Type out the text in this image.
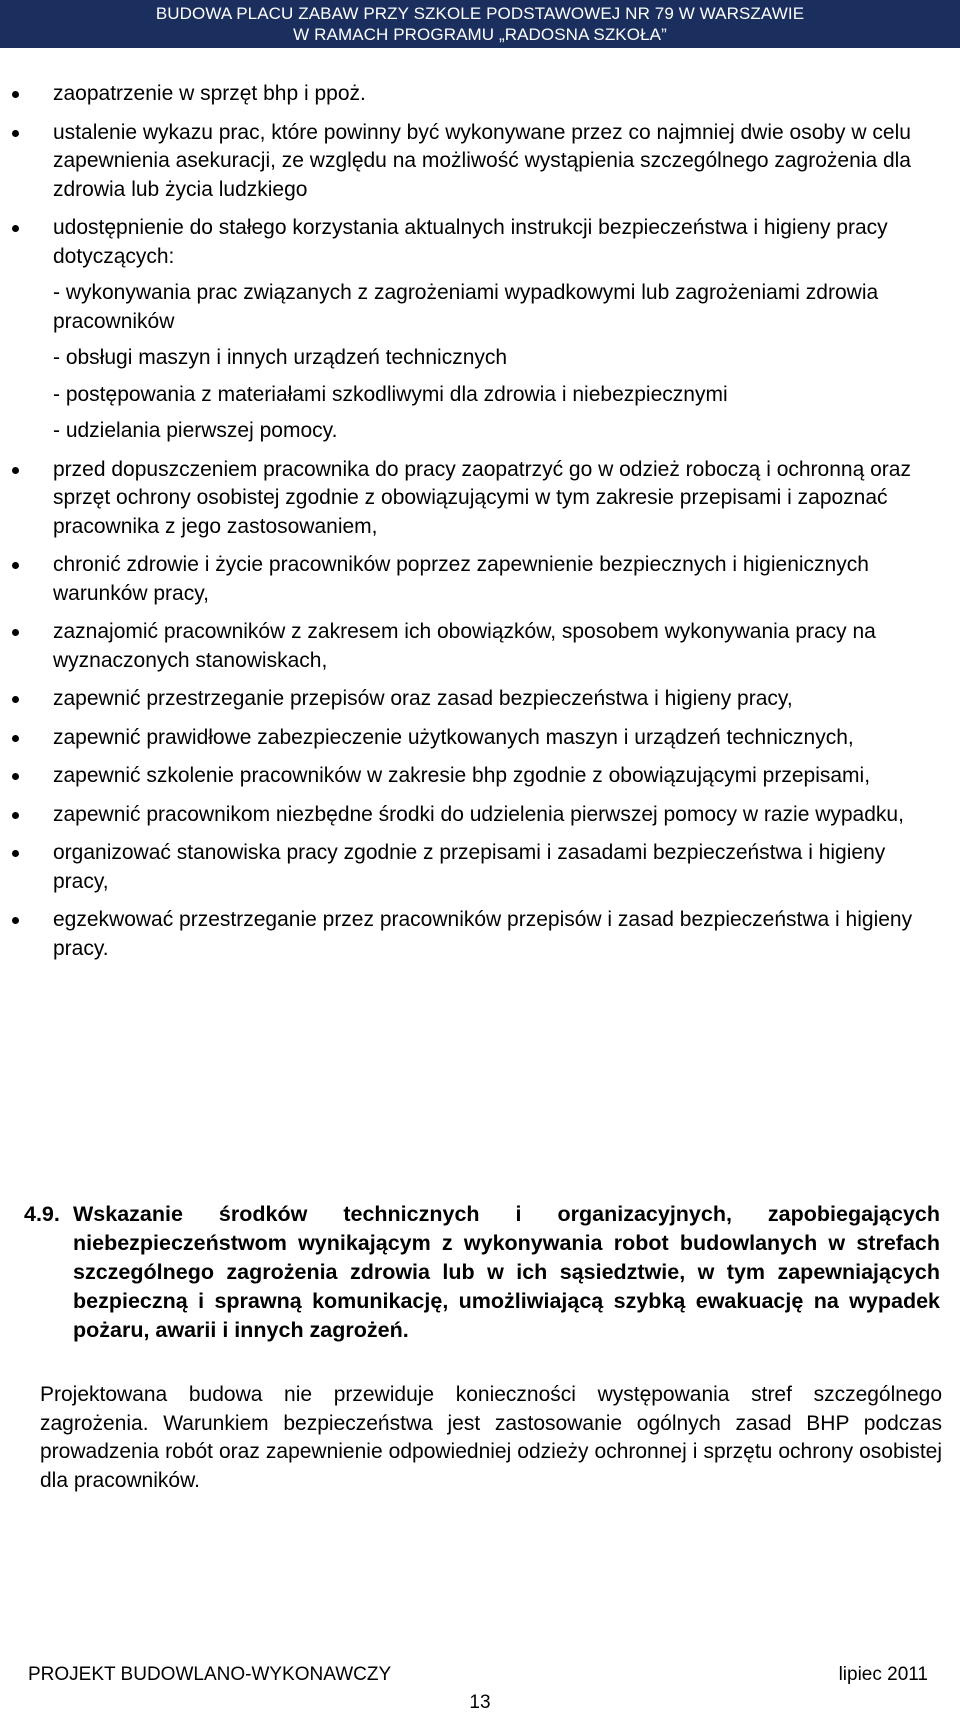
BUDOWA PLACU ZABAW PRZY SZKOLE PODSTAWOWEJ NR 79 W WARSZAWIE
W RAMACH PROGRAMU „RADOSNA SZKOŁA”
zaopatrzenie w sprzęt bhp i ppoż.
ustalenie wykazu prac, które powinny być wykonywane przez co najmniej dwie osoby w celu zapewnienia asekuracji, ze względu na możliwość wystąpienia szczególnego zagrożenia dla zdrowia lub życia ludzkiego
udostępnienie do stałego korzystania aktualnych instrukcji bezpieczeństwa i higieny pracy dotyczących:
- wykonywania prac związanych z zagrożeniami wypadkowymi lub zagrożeniami zdrowia pracowników
- obsługi maszyn i innych urządzeń technicznych
- postępowania z materiałami szkodliwymi dla zdrowia i niebezpiecznymi
- udzielania pierwszej pomocy.
przed dopuszczeniem pracownika do pracy zaopatrzyć go w odzież roboczą i ochronną oraz sprzęt ochrony osobistej zgodnie z obowiązującymi w tym zakresie przepisami i zapoznać pracownika z jego zastosowaniem,
chronić zdrowie i życie pracowników poprzez zapewnienie bezpiecznych i higienicznych warunków pracy,
zaznajomić pracowników z zakresem ich obowiązków, sposobem wykonywania pracy na wyznaczonych stanowiskach,
zapewnić przestrzeganie przepisów oraz zasad bezpieczeństwa i higieny pracy,
zapewnić prawidłowe zabezpieczenie użytkowanych maszyn i urządzeń technicznych,
zapewnić szkolenie pracowników w zakresie bhp zgodnie z obowiązującymi przepisami,
zapewnić pracownikom niezbędne środki do udzielenia pierwszej pomocy w razie wypadku,
organizować stanowiska pracy zgodnie z przepisami i zasadami bezpieczeństwa i higieny pracy,
egzekwować przestrzeganie przez pracowników przepisów i zasad bezpieczeństwa i higieny pracy.
4.9. Wskazanie środków technicznych i organizacyjnych, zapobiegających niebezpieczeństwom wynikającym z wykonywania robot budowlanych w strefach szczególnego zagrożenia zdrowia lub w ich sąsiedztwie, w tym zapewniających bezpieczną i sprawną komunikację, umożliwiającą szybką ewakuację na wypadek pożaru, awarii i innych zagrożeń.
Projektowana budowa nie przewiduje konieczności występowania stref szczególnego zagrożenia. Warunkiem bezpieczeństwa jest zastosowanie ogólnych zasad BHP podczas prowadzenia robót oraz zapewnienie odpowiedniej odzieży ochronnej i sprzętu ochrony osobistej dla pracowników.
PROJEKT BUDOWLANO-WYKONAWCZY	lipiec 2011
13
